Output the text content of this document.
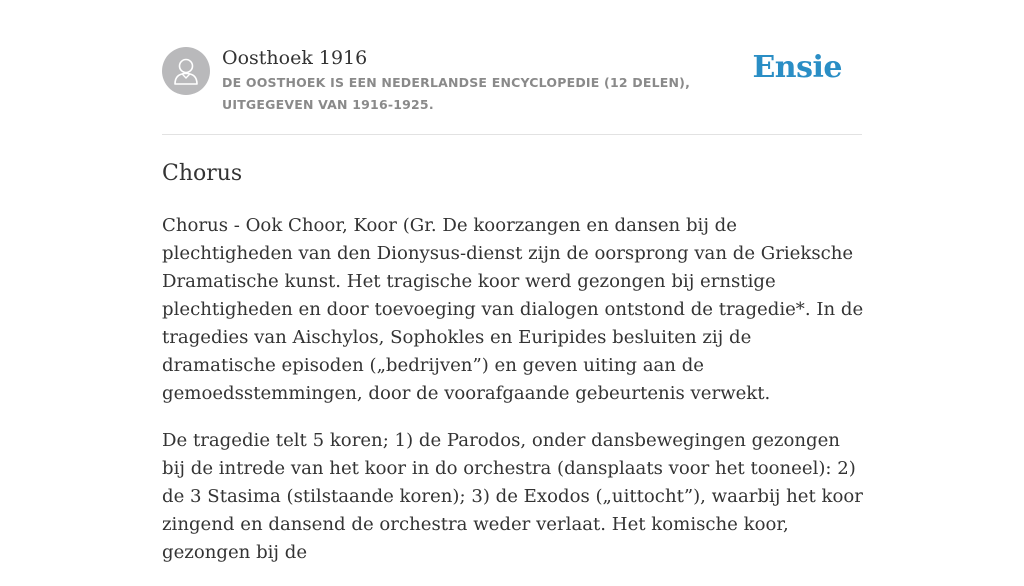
Oosthoek 1916
DE OOSTHOEK IS EEN NEDERLANDSE ENCYCLOPEDIE (12 DELEN), UITGEGEVEN VAN 1916-1925.
Ensie
Chorus

Chorus - Ook Choor, Koor (Gr. De koorzangen en dansen bij de plechtigheden van den Dionysus-dienst zijn de oorsprong van de Grieksche Dramatische kunst. Het tragische koor werd gezongen bij ernstige plechtigheden en door toevoeging van dialogen ontstond de tragedie*. In de tragedies van Aischylos, Sophokles en Euripides besluiten zij de dramatische episoden („bedrijven”) en geven uiting aan de gemoedsstemmingen, door de voorafgaande gebeurtenis verwekt.

De tragedie telt 5 koren; 1) de Parodos, onder dansbewegingen gezongen bij de intrede van het koor in do orchestra (dansplaats voor het tooneel): 2) de 3 Stasima (stilstaande koren); 3) de Exodos („uittocht”), waarbij het koor zingend en dansend de orchestra weder verlaat. Het komische koor, gezongen bij de
